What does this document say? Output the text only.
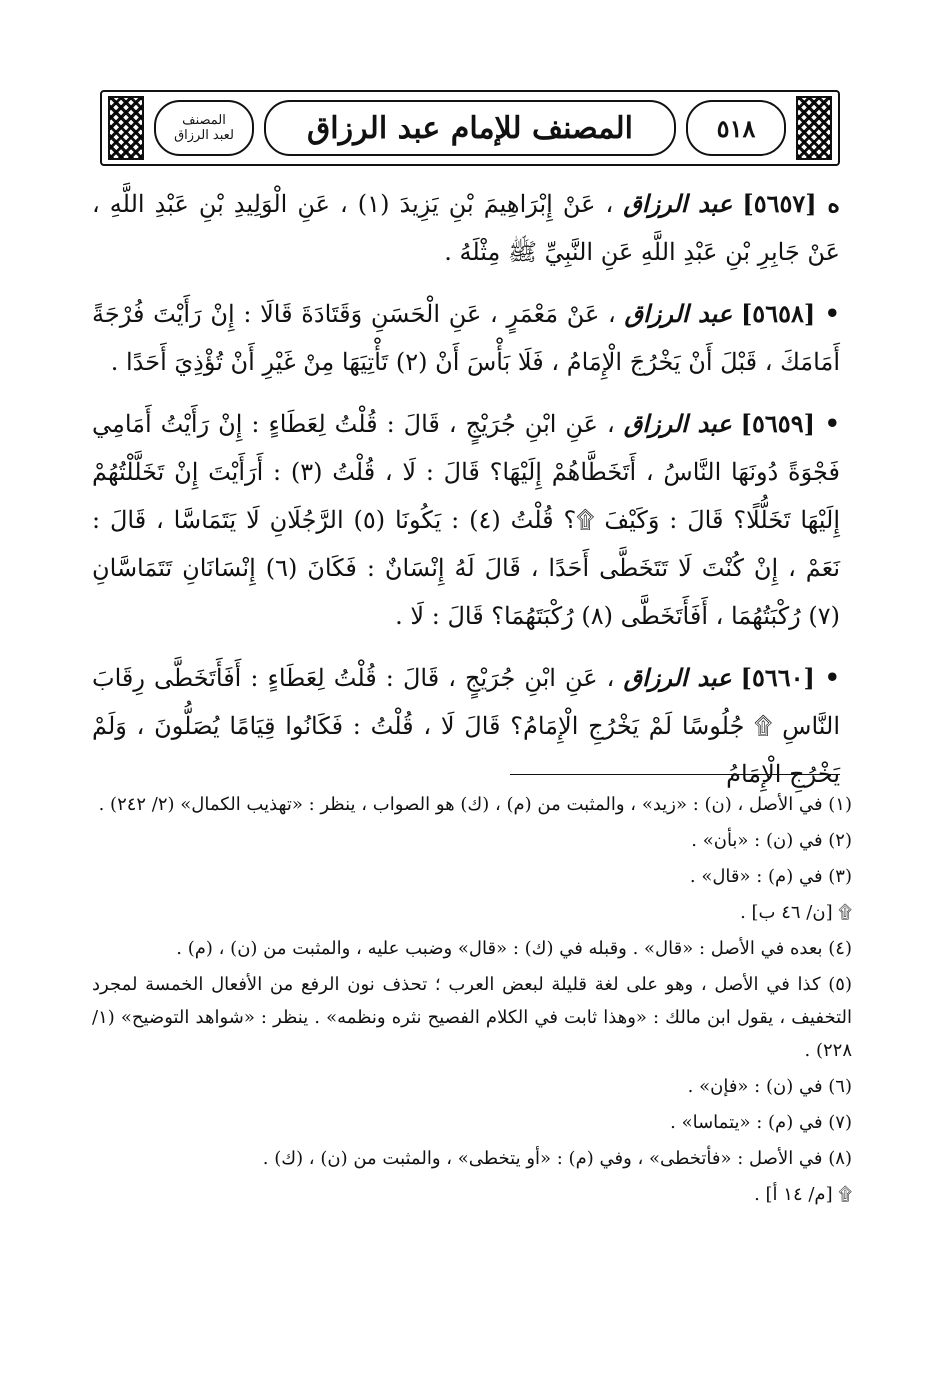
٥١٨
المصنف للإمام عبد الرزاق
المصنف
لعبد الرزاق

ه [٥٦٥٧] عبد الرزاق ، عَنْ إِبْرَاهِيمَ بْنِ يَزِيدَ (١) ، عَنِ الْوَلِيدِ بْنِ عَبْدِ اللَّهِ ، عَنْ جَابِرِ بْنِ عَبْدِ اللَّهِ عَنِ النَّبِيِّ ﷺ مِثْلَهُ .

• [٥٦٥٨] عبد الرزاق ، عَنْ مَعْمَرٍ ، عَنِ الْحَسَنِ وَقَتَادَةَ قَالَا : إِنْ رَأَيْتَ فُرْجَةً أَمَامَكَ ، قَبْلَ أَنْ يَخْرُجَ الْإِمَامُ ، فَلَا بَأْسَ أَنْ (٢) تَأْتِيَهَا مِنْ غَيْرِ أَنْ تُؤْذِيَ أَحَدًا .

• [٥٦٥٩] عبد الرزاق ، عَنِ ابْنِ جُرَيْجٍ ، قَالَ : قُلْتُ لِعَطَاءٍ : إِنْ رَأَيْتُ أَمَامِي فَجْوَةً دُونَهَا النَّاسُ ، أَتَخَطَّاهُمْ إِلَيْهَا؟ قَالَ : لَا ، قُلْتُ (٣) : أَرَأَيْتَ إِنْ تَخَلَّلْتُهُمْ إِلَيْهَا تَخَلُّلًا؟ قَالَ : وَكَيْفَ ۩؟ قُلْتُ (٤) : يَكُونَا (٥) الرَّجُلَانِ لَا يَتَمَاسَّا ، قَالَ : نَعَمْ ، إِنْ كُنْتَ لَا تَتَخَطَّى أَحَدًا ، قَالَ لَهُ إِنْسَانٌ : فَكَانَ (٦) إِنْسَانَانِ تَتَمَاسَّانِ (٧) رُكْبَتُهُمَا ، أَفَأَتَخَطَّى (٨) رُكْبَتَهُمَا؟ قَالَ : لَا .

• [٥٦٦٠] عبد الرزاق ، عَنِ ابْنِ جُرَيْجٍ ، قَالَ : قُلْتُ لِعَطَاءٍ : أَفَأَتَخَطَّى رِقَابَ النَّاسِ ۩ جُلُوسًا لَمْ يَخْرُجِ الْإِمَامُ؟ قَالَ لَا ، قُلْتُ : فَكَانُوا قِيَامًا يُصَلُّونَ ، وَلَمْ يَخْرُجِ الْإِمَامُ

(١) في الأصل ، (ن) : «زيد» ، والمثبت من (م) ، (ك) هو الصواب ، ينظر : «تهذيب الكمال» (٢/ ٢٤٢) .

(٢) في (ن) : «بأن» .

(٣) في (م) : «قال» .

۩ [ن/ ٤٦ ب] .

(٤) بعده في الأصل : «قال» . وقبله في (ك) : «قال» وضبب عليه ، والمثبت من (ن) ، (م) .

(٥) كذا في الأصل ، وهو على لغة قليلة لبعض العرب ؛ تحذف نون الرفع من الأفعال الخمسة لمجرد التخفيف ، يقول ابن مالك : «وهذا ثابت في الكلام الفصيح نثره ونظمه» . ينظر : «شواهد التوضيح» (١/ ٢٢٨) .

(٦) في (ن) : «فإن» .

(٧) في (م) : «يتماسا» .

(٨) في الأصل : «فأتخطى» ، وفي (م) : «أو يتخطى» ، والمثبت من (ن) ، (ك) .

۩ [م/ ١٤ أ] .
